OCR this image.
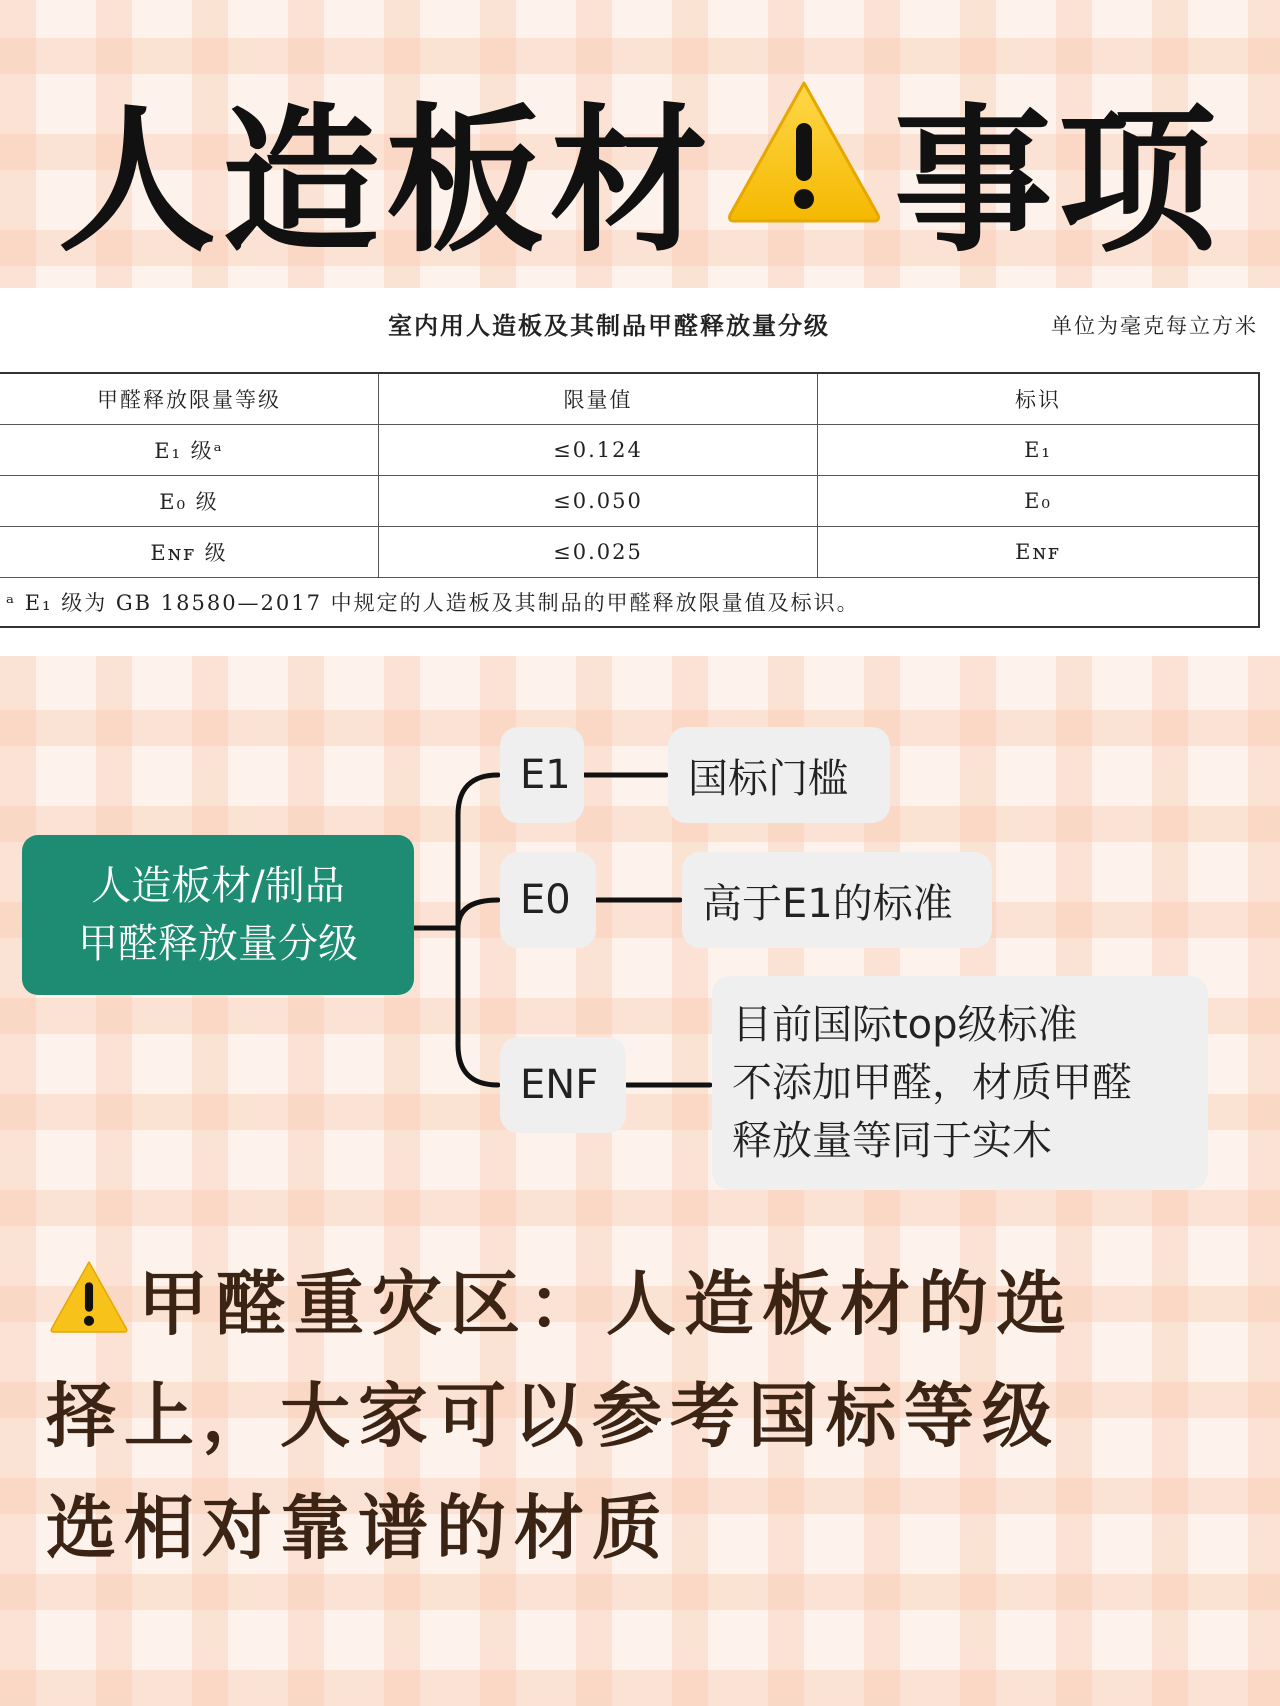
人造板材 事项
室内用人造板及其制品甲醛释放量分级	单位为毫克每立方米
甲醛释放限量等级	限量值	标识
E₁ 级ᵃ	≤0.124	E₁
E₀ 级	≤0.050	E₀
Eɴꜰ 级	≤0.025	Eɴꜰ
ᵃ E₁ 级为 GB 18580—2017 中规定的人造板及其制品的甲醛释放限量值及标识。		
人造板材/制品
甲醛释放量分级
E1	国标门槛
E0	高于E1的标准
ENF
目前国际top级标准
不添加甲醛，材质甲醛
释放量等同于实木
甲醛重灾区：人造板材的选
择上，大家可以参考国标等级
选相对靠谱的材质
